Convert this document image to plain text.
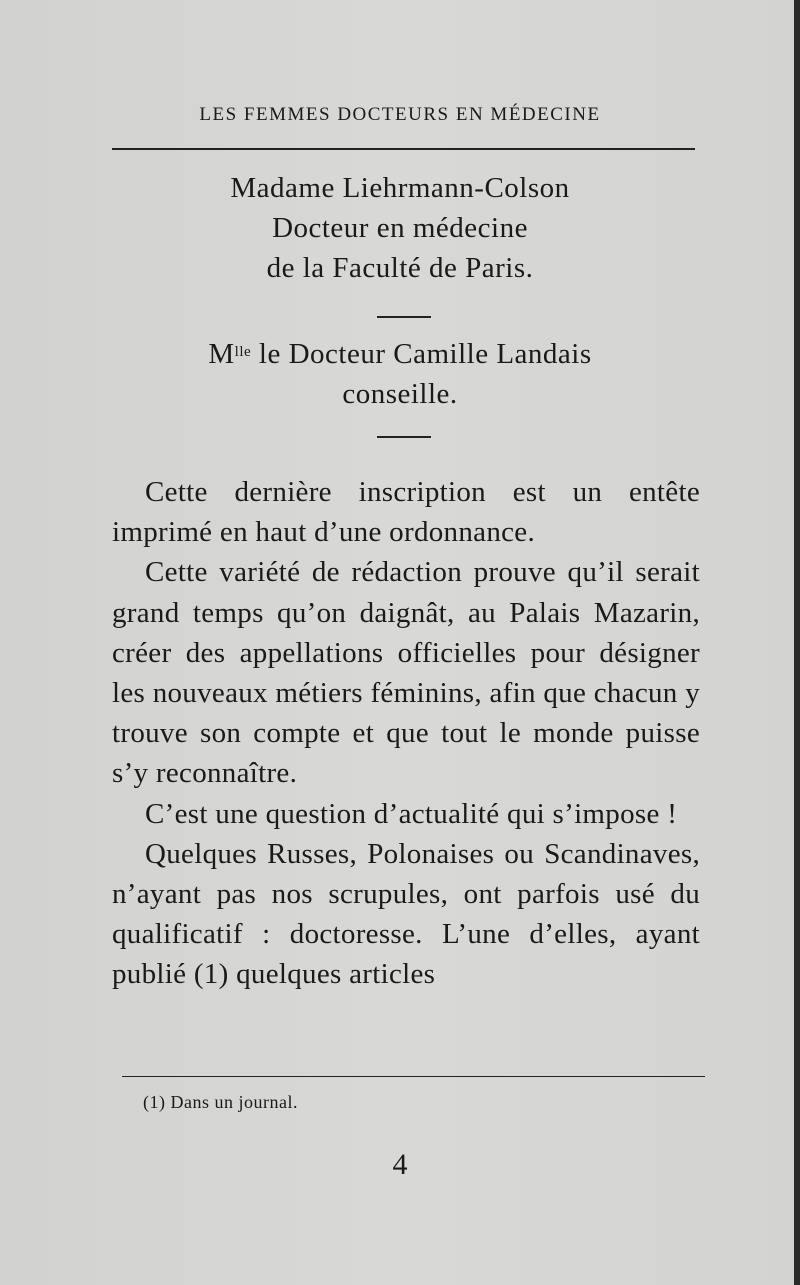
LES FEMMES DOCTEURS EN MÉDECINE
Madame Liehrmann-Colson
Docteur en médecine
de la Faculté de Paris.
$M^{lle}$ le Docteur Camille Landais
conseille.

Cette dernière inscription est un entête imprimé en haut d’une ordonnance.

Cette variété de rédaction prouve qu’il serait grand temps qu’on daignât, au Palais Mazarin, créer des appellations officielles pour désigner les nouveaux métiers féminins, afin que chacun y trouve son compte et que tout le monde puisse s’y reconnaître.

C’est une question d’actualité qui s’impose !

Quelques Russes, Polonaises ou Scandinaves, n’ayant pas nos scrupules, ont parfois usé du qualificatif : doctoresse. L’une d’elles, ayant publié (1) quelques articles

(1) Dans un journal.
4
